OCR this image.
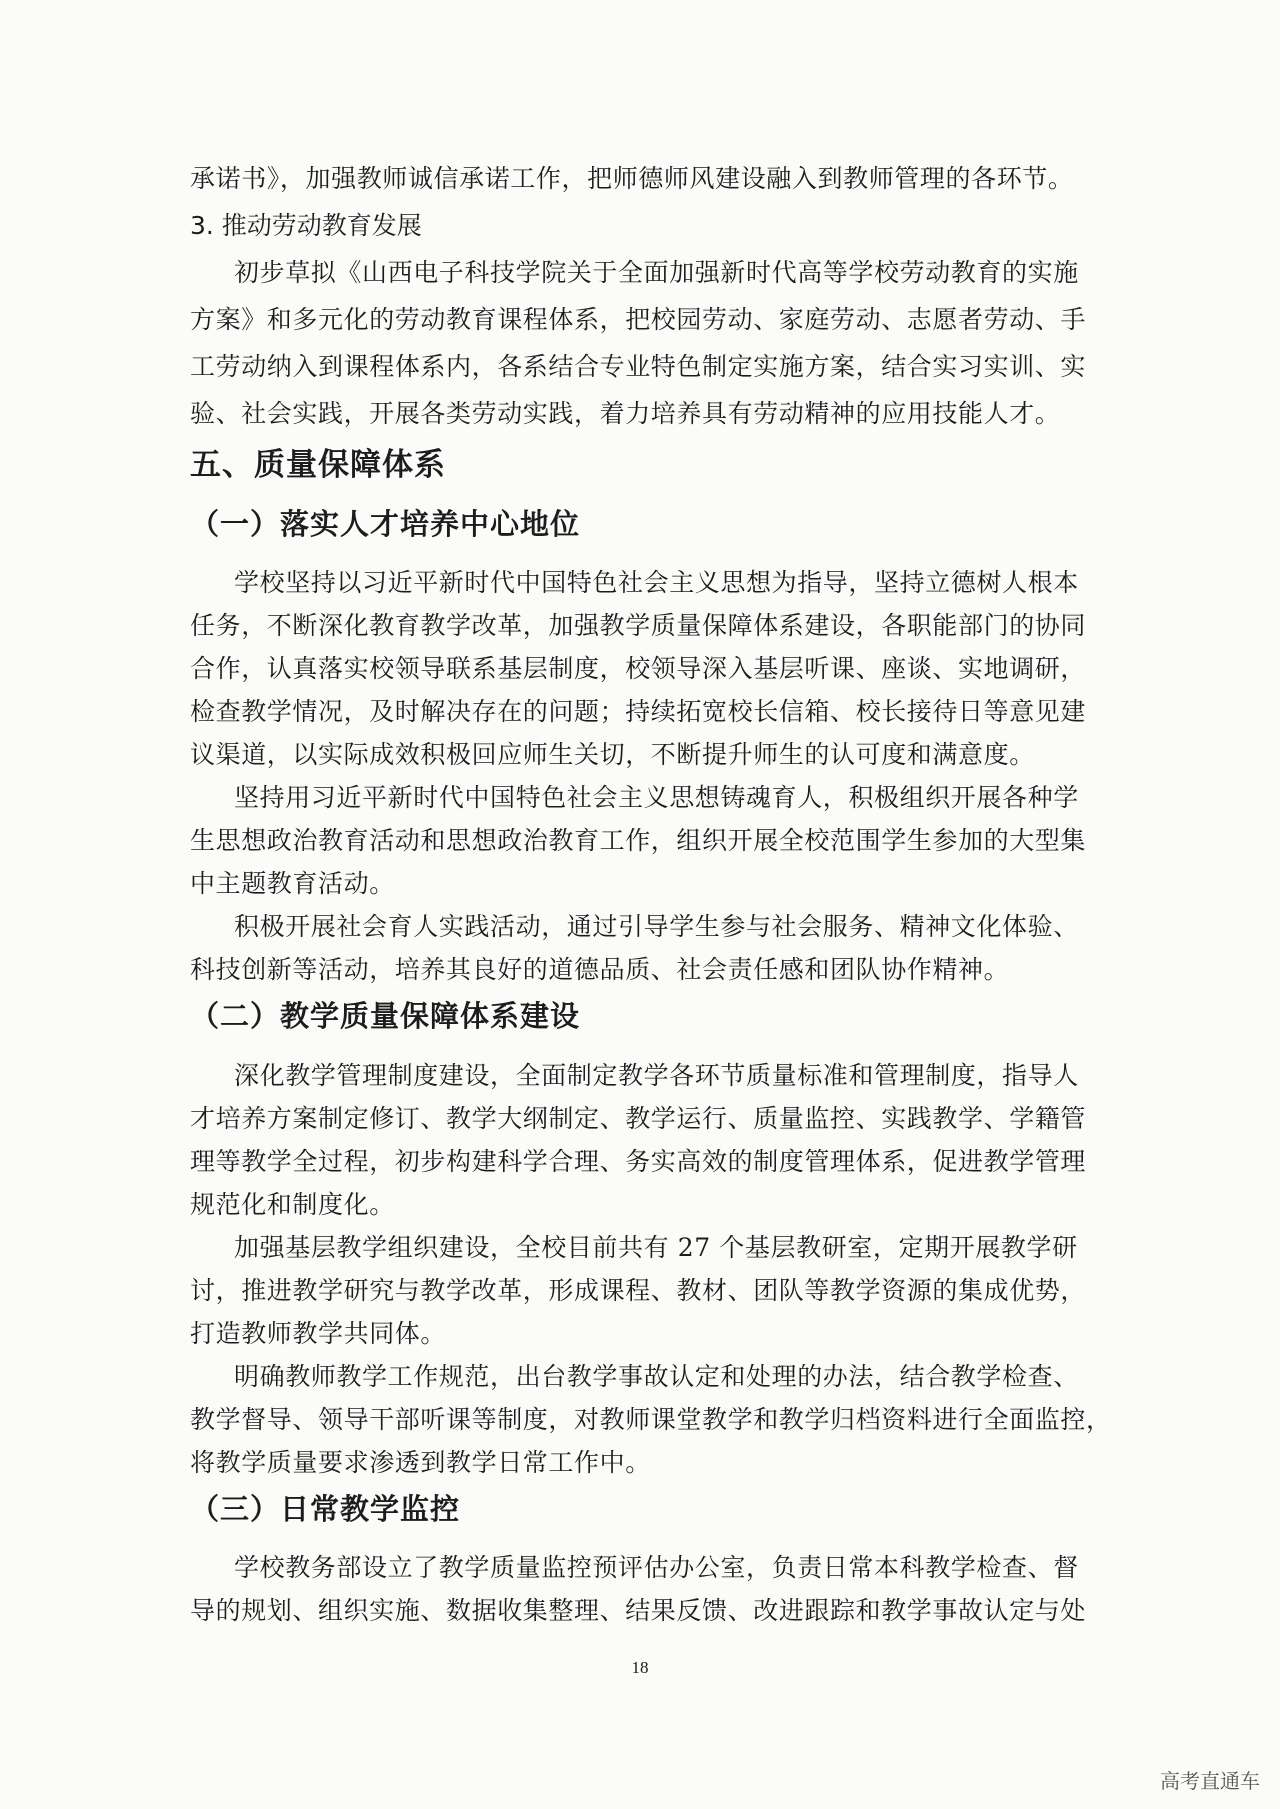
承诺书》，加强教师诚信承诺工作，把师德师风建设融入到教师管理的各环节。

3. 推动劳动教育发展

初步草拟《山西电子科技学院关于全面加强新时代高等学校劳动教育的实施

方案》和多元化的劳动教育课程体系，把校园劳动、家庭劳动、志愿者劳动、手

工劳动纳入到课程体系内，各系结合专业特色制定实施方案，结合实习实训、实

验、社会实践，开展各类劳动实践，着力培养具有劳动精神的应用技能人才。

五、质量保障体系
（一）落实人才培养中心地位

学校坚持以习近平新时代中国特色社会主义思想为指导，坚持立德树人根本

任务，不断深化教育教学改革，加强教学质量保障体系建设，各职能部门的协同

合作，认真落实校领导联系基层制度，校领导深入基层听课、座谈、实地调研，

检查教学情况，及时解决存在的问题；持续拓宽校长信箱、校长接待日等意见建

议渠道，以实际成效积极回应师生关切，不断提升师生的认可度和满意度。

坚持用习近平新时代中国特色社会主义思想铸魂育人，积极组织开展各种学

生思想政治教育活动和思想政治教育工作，组织开展全校范围学生参加的大型集

中主题教育活动。

积极开展社会育人实践活动，通过引导学生参与社会服务、精神文化体验、

科技创新等活动，培养其良好的道德品质、社会责任感和团队协作精神。

（二）教学质量保障体系建设

深化教学管理制度建设，全面制定教学各环节质量标准和管理制度，指导人

才培养方案制定修订、教学大纲制定、教学运行、质量监控、实践教学、学籍管

理等教学全过程，初步构建科学合理、务实高效的制度管理体系，促进教学管理

规范化和制度化。

加强基层教学组织建设，全校目前共有 27 个基层教研室，定期开展教学研

讨，推进教学研究与教学改革，形成课程、教材、团队等教学资源的集成优势，

打造教师教学共同体。

明确教师教学工作规范，出台教学事故认定和处理的办法，结合教学检查、

教学督导、领导干部听课等制度，对教师课堂教学和教学归档资料进行全面监控，

将教学质量要求渗透到教学日常工作中。

（三）日常教学监控

学校教务部设立了教学质量监控预评估办公室，负责日常本科教学检查、督

导的规划、组织实施、数据收集整理、结果反馈、改进跟踪和教学事故认定与处

18
高考直通车
